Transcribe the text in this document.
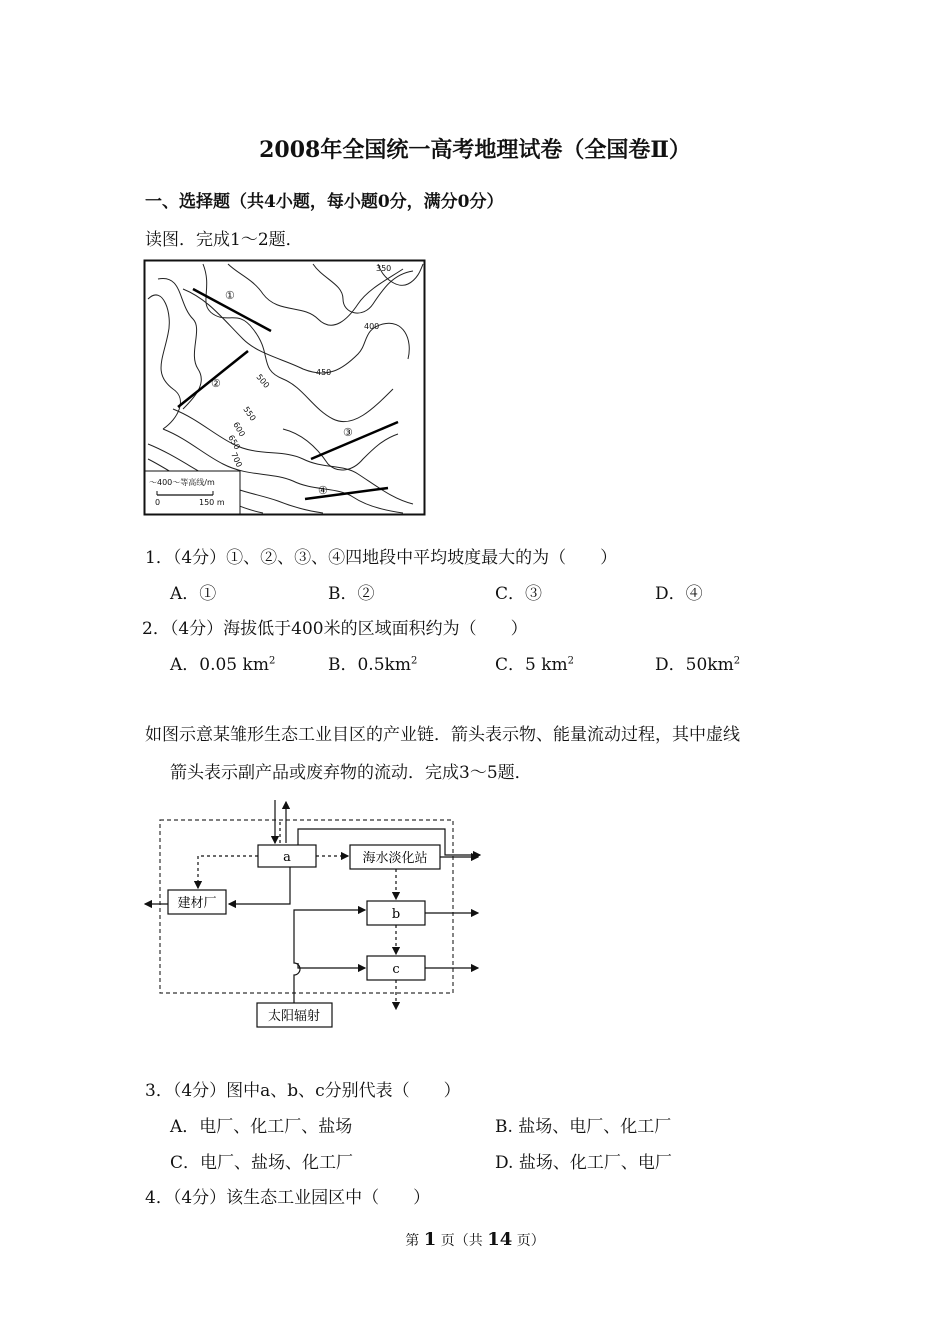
2008年全国统一高考地理试卷（全国卷Ⅱ）
一、选择题（共4小题，每小题0分，满分0分）
读图．完成1～2题．
350
400
450
500
550
600
650
700
①
②
③
④
～400～等高线/m
0	150 m
1．（4分）①、②、③、④四地段中平均坡度最大的为（　　）
A．①	B．②	C．③	D．④
2．（4分）海拔低于400米的区域面积约为（　　）
A．0.05 $km^2$	B．$0.5km^2$	C．5 $km^2$	D．$50km^2$
如图示意某雏形生态工业目区的产业链．箭头表示物、能量流动过程，其中虚线
箭头表示副产品或废弃物的流动．完成3～5题．
a	海水淡化站
建材厂
b
c
太阳辐射
3．（4分）图中a、b、c分别代表（　　）
A．电厂、化工厂、盐场	B. 盐场、电厂、化工厂
C．电厂、盐场、化工厂	D. 盐场、化工厂、电厂
4．（4分）该生态工业园区中（　　）
第 1 页（共 14 页）
